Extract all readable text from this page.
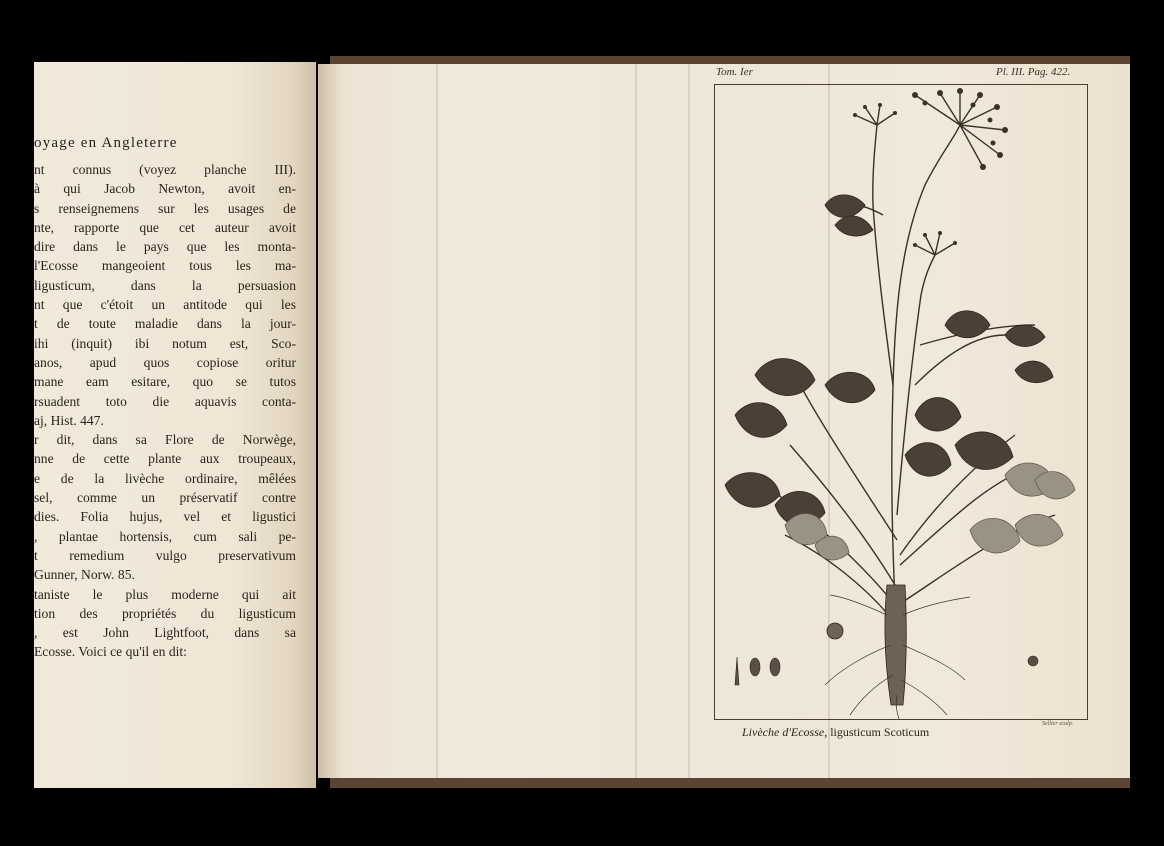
oyage en Angleterre
nt connus (voyez planche III).
à qui Jacob Newton, avoit en-
s renseignemens sur les usages de
nte, rapporte que cet auteur avoit
dire dans le pays que les monta-
l'Ecosse mangeoient tous les ma-
ligusticum, dans la persuasion
nt que c'étoit un antitode qui les
t de toute maladie dans la jour-
ihi (inquit) ibi notum est, Sco-
anos, apud quos copiose oritur
mane eam esitare, quo se tutos
rsuadent toto die aquavis conta-
aj, Hist. 447.
r dit, dans sa Flore de Norwège,
nne de cette plante aux troupeaux,
e de la livèche ordinaire, mêlées
sel, comme un préservatif contre
dies. Folia hujus, vel et ligustici
, plantae hortensis, cum sali pe-
t remedium vulgo preservativum
Gunner, Norw. 85.
taniste le plus moderne qui ait
tion des propriétés du ligusticum
, est John Lightfoot, dans sa
Ecosse. Voici ce qu'il en dit:
Tom. Ier	Pl. III. Pag. 422.
Sellier sculp.
Livèche d'Ecosse, ligusticum Scoticum
